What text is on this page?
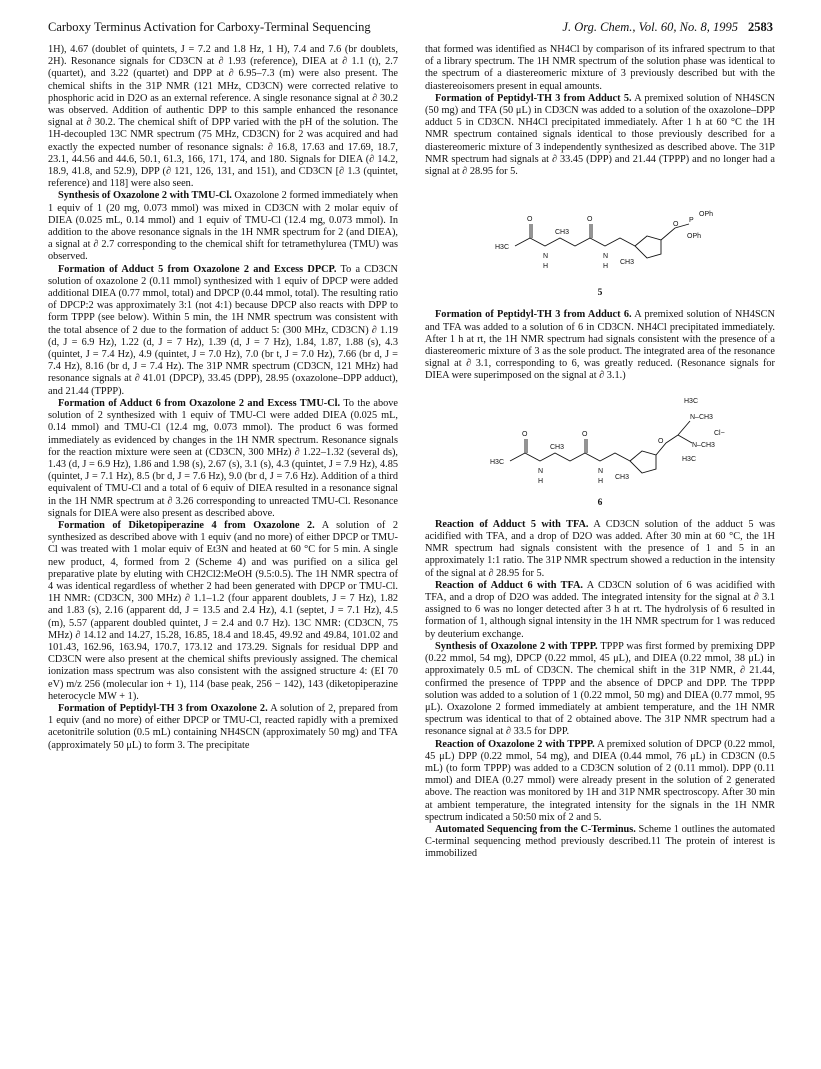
Carboxy Terminus Activation for Carboxy-Terminal Sequencing	J. Org. Chem., Vol. 60, No. 8, 1995 2583

1H), 4.67 (doublet of quintets, J = 7.2 and 1.8 Hz, 1 H), 7.4 and 7.6 (br doublets, 2H). Resonance signals for CD3CN at ∂ 1.93 (reference), DIEA at ∂ 1.1 (t), 2.7 (quartet), and 3.22 (quartet) and DPP at ∂ 6.95–7.3 (m) were also present. The chemical shifts in the 31P NMR (121 MHz, CD3CN) were corrected relative to phosphoric acid in D2O as an external reference. A single resonance signal at ∂ 30.2 was observed. Addition of authentic DPP to this sample enhanced the resonance signal at ∂ 30.2. The chemical shift of DPP varied with the pH of the solution. The 1H-decoupled 13C NMR spectrum (75 MHz, CD3CN) for 2 was acquired and had exactly the expected number of resonance signals: ∂ 16.8, 17.63 and 17.69, 18.7, 23.1, 44.56 and 44.6, 50.1, 61.3, 166, 171, 174, and 180. Signals for DIEA (∂ 14.2, 18.9, 41.8, and 52.9), DPP (∂ 121, 126, 131, and 151), and CD3CN [∂ 1.3 (quintet, reference) and 118] were also seen.

Synthesis of Oxazolone 2 with TMU-Cl. Oxazolone 2 formed immediately when 1 equiv of 1 (20 mg, 0.073 mmol) was mixed in CD3CN with 2 molar equiv of DIEA (0.025 mL, 0.14 mmol) and 1 equiv of TMU-Cl (12.4 mg, 0.073 mmol). In addition to the above resonance signals in the 1H NMR spectrum for 2 (and DIEA), a signal at ∂ 2.7 corresponding to the chemical shift for tetramethylurea (TMU) was observed.

Formation of Adduct 5 from Oxazolone 2 and Excess DPCP. To a CD3CN solution of oxazolone 2 (0.11 mmol) synthesized with 1 equiv of DPCP were added additional DIEA (0.77 mmol, total) and DPCP (0.44 mmol, total). The resulting ratio of DPCP:2 was approximately 3:1 (not 4:1) because DPCP also reacts with DPP to form TPPP (see below). Within 5 min, the 1H NMR spectrum was consistent with the total absence of 2 due to the formation of adduct 5: (300 MHz, CD3CN) ∂ 1.19 (d, J = 6.9 Hz), 1.22 (d, J = 7 Hz), 1.39 (d, J = 7 Hz), 1.84, 1.87, 1.88 (s), 4.3 (quintet, J = 7.4 Hz), 4.9 (quintet, J = 7.0 Hz), 7.0 (br t, J = 7.0 Hz), 7.66 (br d, J = 7.4 Hz), 8.16 (br d, J = 7.4 Hz). The 31P NMR spectrum (CD3CN, 121 MHz) had resonance signals at ∂ 41.01 (DPCP), 33.45 (DPP), 28.95 (oxazolone–DPP adduct), and 21.44 (TPPP).

Formation of Adduct 6 from Oxazolone 2 and Excess TMU-Cl. To the above solution of 2 synthesized with 1 equiv of TMU-Cl were added DIEA (0.025 mL, 0.14 mmol) and TMU-Cl (12.4 mg, 0.073 mmol). The product 6 was formed immediately as evidenced by changes in the 1H NMR spectrum. Resonance signals for the reaction mixture were seen at (CD3CN, 300 MHz) ∂ 1.22–1.32 (several ds), 1.43 (d, J = 6.9 Hz), 1.86 and 1.98 (s), 2.67 (s), 3.1 (s), 4.3 (quintet, J = 7.9 Hz), 4.85 (quintet, J = 7.1 Hz), 8.5 (br d, J = 7.6 Hz), 9.0 (br d, J = 7.6 Hz). Addition of a third equivalent of TMU-Cl and a total of 6 equiv of DIEA resulted in a resonance signal in the 1H NMR spectrum at ∂ 3.26 corresponding to unreacted TMU-Cl. Resonance signals for DIEA were also present as described above.

Formation of Diketopiperazine 4 from Oxazolone 2. A solution of 2 synthesized as described above with 1 equiv (and no more) of either DPCP or TMU-Cl was treated with 1 molar equiv of Et3N and heated at 60 °C for 5 min. A single new product, 4, formed from 2 (Scheme 4) and was purified on a silica gel preparative plate by eluting with CH2Cl2:MeOH (9.5:0.5). The 1H NMR spectra of 4 was identical regardless of whether 2 had been generated with DPCP or TMU-Cl. 1H NMR: (CD3CN, 300 MHz) ∂ 1.1–1.2 (four apparent doublets, J = 7 Hz), 1.82 and 1.83 (s), 2.16 (apparent dd, J = 13.5 and 2.4 Hz), 4.1 (septet, J = 7.1 Hz), 4.5 (m), 5.57 (apparent doubled quintet, J = 2.4 and 0.7 Hz). 13C NMR: (CD3CN, 75 MHz) ∂ 14.12 and 14.27, 15.28, 16.85, 18.4 and 18.45, 49.92 and 49.84, 101.02 and 101.43, 162.96, 163.94, 170.7, 173.12 and 173.29. Signals for residual DPP and CD3CN were also present at the chemical shifts previously assigned. The chemical ionization mass spectrum was also consistent with the assigned structure 4: (EI 70 eV) m/z 256 (molecular ion + 1), 114 (base peak, 256 − 142), 143 (diketopiperazine heterocycle MW + 1).

Formation of Peptidyl-TH 3 from Oxazolone 2. A solution of 2, prepared from 1 equiv (and no more) of either DPCP or TMU-Cl, reacted rapidly with a premixed acetonitrile solution (0.5 mL) containing NH4SCN (approximately 50 mg) and TFA (approximately 50 μL) to form 3. The precipitate

that formed was identified as NH4Cl by comparison of its infrared spectrum to that of a library spectrum. The 1H NMR spectrum of the solution phase was identical to the spectrum of a diastereomeric mixture of 3 previously described but with the diastereoisomers present in equal amounts.

Formation of Peptidyl-TH 3 from Adduct 5. A premixed solution of NH4SCN (50 mg) and TFA (50 μL) in CD3CN was added to a solution of the oxazolone–DPP adduct 5 in CD3CN. NH4Cl precipitated immediately. After 1 h at 60 °C the 1H NMR spectrum contained signals identical to those previously described for a diastereomeric mixture of 3 independently synthesized as described above. The 31P NMR spectrum had signals at ∂ 33.45 (DPP) and 21.44 (TPPP) and no longer had a signal at ∂ 28.95 for 5.

H3C
O
CH3
N
H
O
N
H
CH3
O
P
OPh
OPh
5

Formation of Peptidyl-TH 3 from Adduct 6. A premixed solution of NH4SCN and TFA was added to a solution of 6 in CD3CN. NH4Cl precipitated immediately. After 1 h at rt, the 1H NMR spectrum had signals consistent with the presence of a diastereomeric mixture of 3 as the sole product. The integrated area of the resonance signal at ∂ 3.1, corresponding to 6, was greatly reduced. (Resonance signals for DIEA were superimposed on the signal at ∂ 3.1.)

H3C
O
CH3
N
H
O
N
H
CH3
O
H3C
N–CH3
N–CH3
H3C
Cl−
6

Reaction of Adduct 5 with TFA. A CD3CN solution of the adduct 5 was acidified with TFA, and a drop of D2O was added. After 30 min at 60 °C, the 1H NMR spectrum had signals consistent with the presence of 1 and 5 in an approximately 1:1 ratio. The 31P NMR spectrum showed a reduction in the intensity of the signal at ∂ 28.95 for 5.

Reaction of Adduct 6 with TFA. A CD3CN solution of 6 was acidified with TFA, and a drop of D2O was added. The integrated intensity for the signal at ∂ 3.1 assigned to 6 was no longer detected after 3 h at rt. The hydrolysis of 6 resulted in formation of 1, although signal intensity in the 1H NMR spectrum for 1 was reduced by deuterium exchange.

Synthesis of Oxazolone 2 with TPPP. TPPP was first formed by premixing DPP (0.22 mmol, 54 mg), DPCP (0.22 mmol, 45 μL), and DIEA (0.22 mmol, 38 μL) in approximately 0.5 mL of CD3CN. The chemical shift in the 31P NMR, ∂ 21.44, confirmed the presence of TPPP and the absence of DPCP and DPP. The TPPP solution was added to a solution of 1 (0.22 mmol, 50 mg) and DIEA (0.77 mmol, 95 μL). Oxazolone 2 formed immediately at ambient temperature, and the 1H NMR spectrum was identical to that of 2 obtained above. The 31P NMR spectrum had a resonance signal at ∂ 33.5 for DPP.

Reaction of Oxazolone 2 with TPPP. A premixed solution of DPCP (0.22 mmol, 45 μL) DPP (0.22 mmol, 54 mg), and DIEA (0.44 mmol, 76 μL) in CD3CN (0.5 mL) (to form TPPP) was added to a CD3CN solution of 2 (0.11 mmol). DPP (0.11 mmol) and DIEA (0.27 mmol) were already present in the solution of 2 generated above. The reaction was monitored by 1H and 31P NMR spectroscopy. After 30 min at ambient temperature, the integrated intensity for the signals in the 1H NMR spectrum indicated a 50:50 mix of 2 and 5.

Automated Sequencing from the C-Terminus. Scheme 1 outlines the automated C-terminal sequencing method previously described.11 The protein of interest is immobilized
